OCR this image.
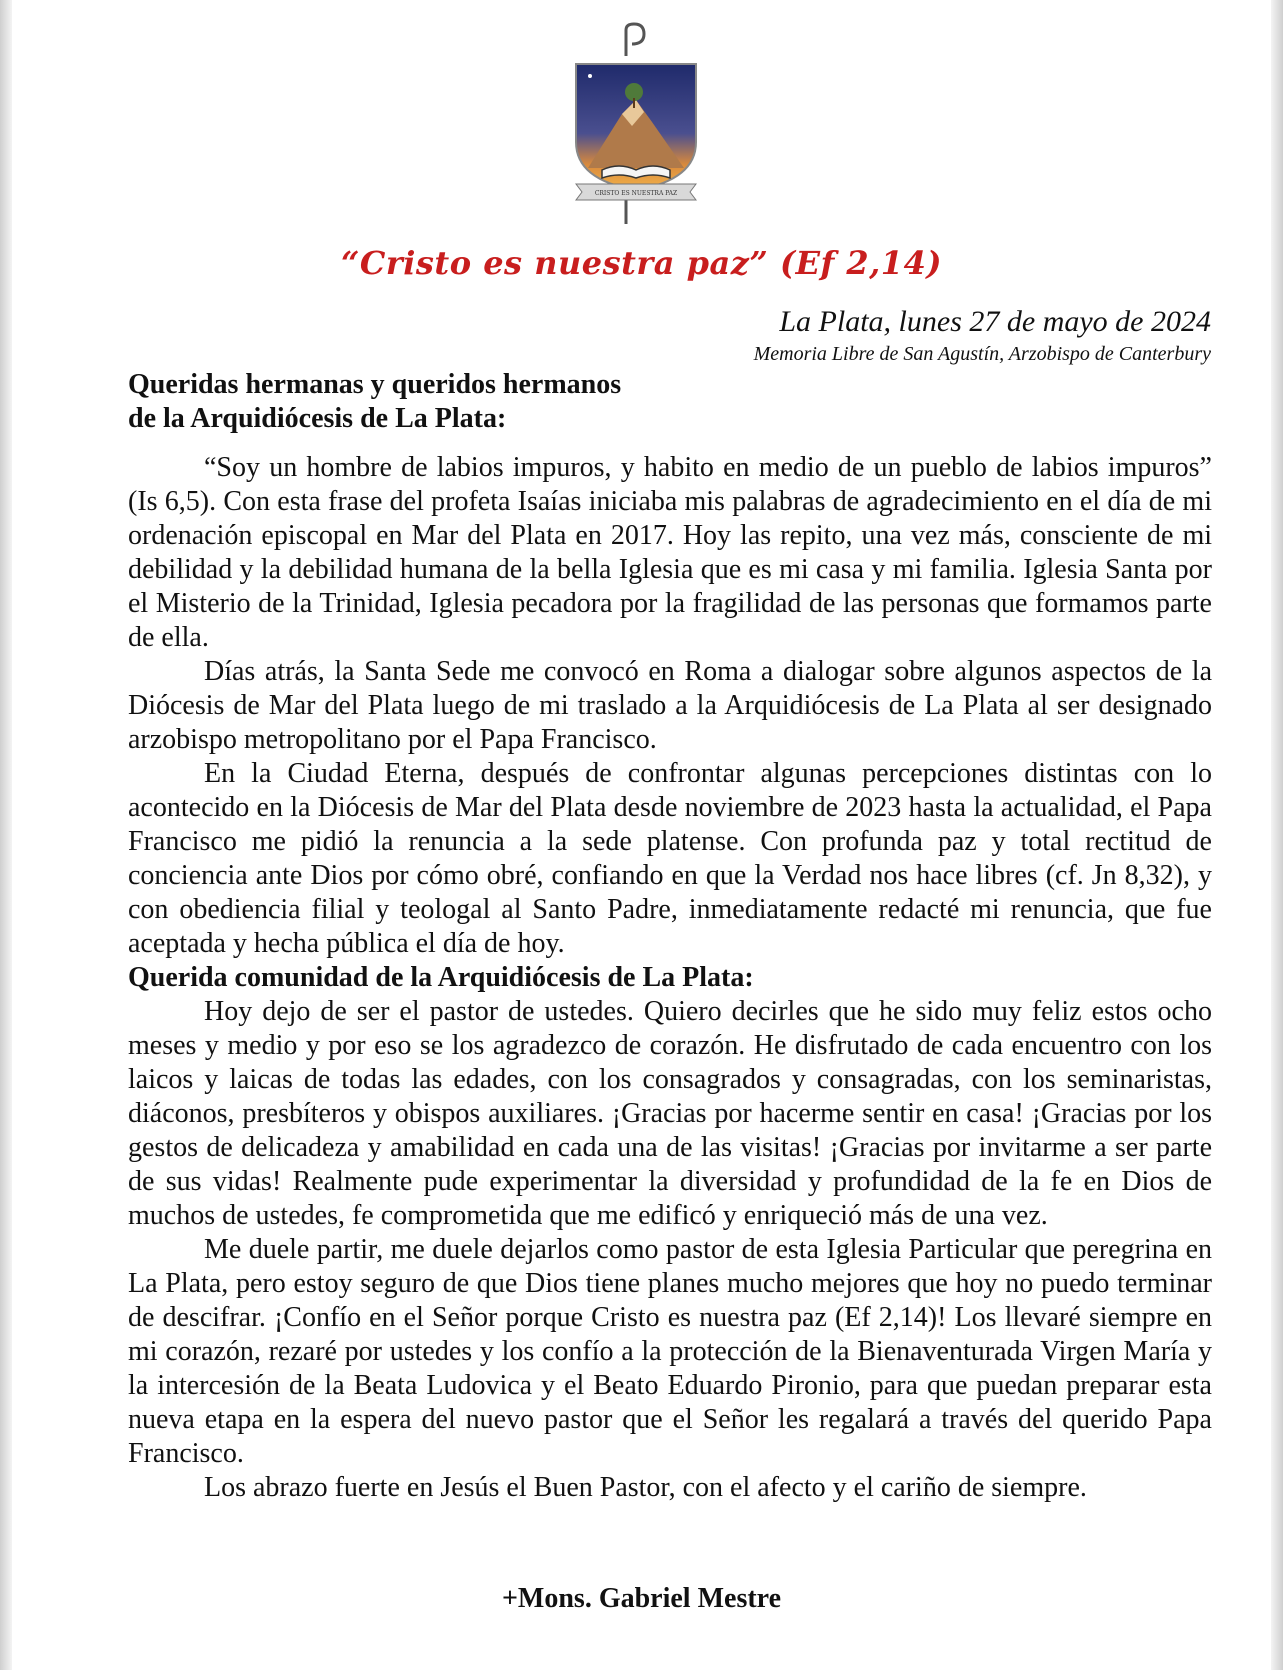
CRISTO ES NUESTRA PAZ
“Cristo es nuestra paz” (Ef 2,14)
La Plata, lunes 27 de mayo de 2024
Memoria Libre de San Agustín, Arzobispo de Canterbury
Queridas hermanas y queridos hermanos
de la Arquidiócesis de La Plata:

“Soy un hombre de labios impuros, y habito en medio de un pueblo de labios impuros” (Is 6,5). Con esta frase del profeta Isaías iniciaba mis palabras de agradecimiento en el día de mi ordenación episcopal en Mar del Plata en 2017. Hoy las repito, una vez más, consciente de mi debilidad y la debilidad humana de la bella Iglesia que es mi casa y mi familia. Iglesia Santa por el Misterio de la Trinidad, Iglesia pecadora por la fragilidad de las personas que formamos parte de ella.

Días atrás, la Santa Sede me convocó en Roma a dialogar sobre algunos aspectos de la Diócesis de Mar del Plata luego de mi traslado a la Arquidiócesis de La Plata al ser designado arzobispo metropolitano por el Papa Francisco.

En la Ciudad Eterna, después de confrontar algunas percepciones distintas con lo acontecido en la Diócesis de Mar del Plata desde noviembre de 2023 hasta la actualidad, el Papa Francisco me pidió la renuncia a la sede platense. Con profunda paz y total rectitud de conciencia ante Dios por cómo obré, confiando en que la Verdad nos hace libres (cf. Jn 8,32), y con obediencia filial y teologal al Santo Padre, inmediatamente redacté mi renuncia, que fue aceptada y hecha pública el día de hoy.

Querida comunidad de la Arquidiócesis de La Plata:

Hoy dejo de ser el pastor de ustedes. Quiero decirles que he sido muy feliz estos ocho meses y medio y por eso se los agradezco de corazón. He disfrutado de cada encuentro con los laicos y laicas de todas las edades, con los consagrados y consagradas, con los seminaristas, diáconos, presbíteros y obispos auxiliares. ¡Gracias por hacerme sentir en casa! ¡Gracias por los gestos de delicadeza y amabilidad en cada una de las visitas! ¡Gracias por invitarme a ser parte de sus vidas! Realmente pude experimentar la diversidad y profundidad de la fe en Dios de muchos de ustedes, fe comprometida que me edificó y enriqueció más de una vez.

Me duele partir, me duele dejarlos como pastor de esta Iglesia Particular que peregrina en La Plata, pero estoy seguro de que Dios tiene planes mucho mejores que hoy no puedo terminar de descifrar. ¡Confío en el Señor porque Cristo es nuestra paz (Ef 2,14)! Los llevaré siempre en mi corazón, rezaré por ustedes y los confío a la protección de la Bienaventurada Virgen María y la intercesión de la Beata Ludovica y el Beato Eduardo Pironio, para que puedan preparar esta nueva etapa en la espera del nuevo pastor que el Señor les regalará a través del querido Papa Francisco.

Los abrazo fuerte en Jesús el Buen Pastor, con el afecto y el cariño de siempre.

+Mons. Gabriel Mestre
